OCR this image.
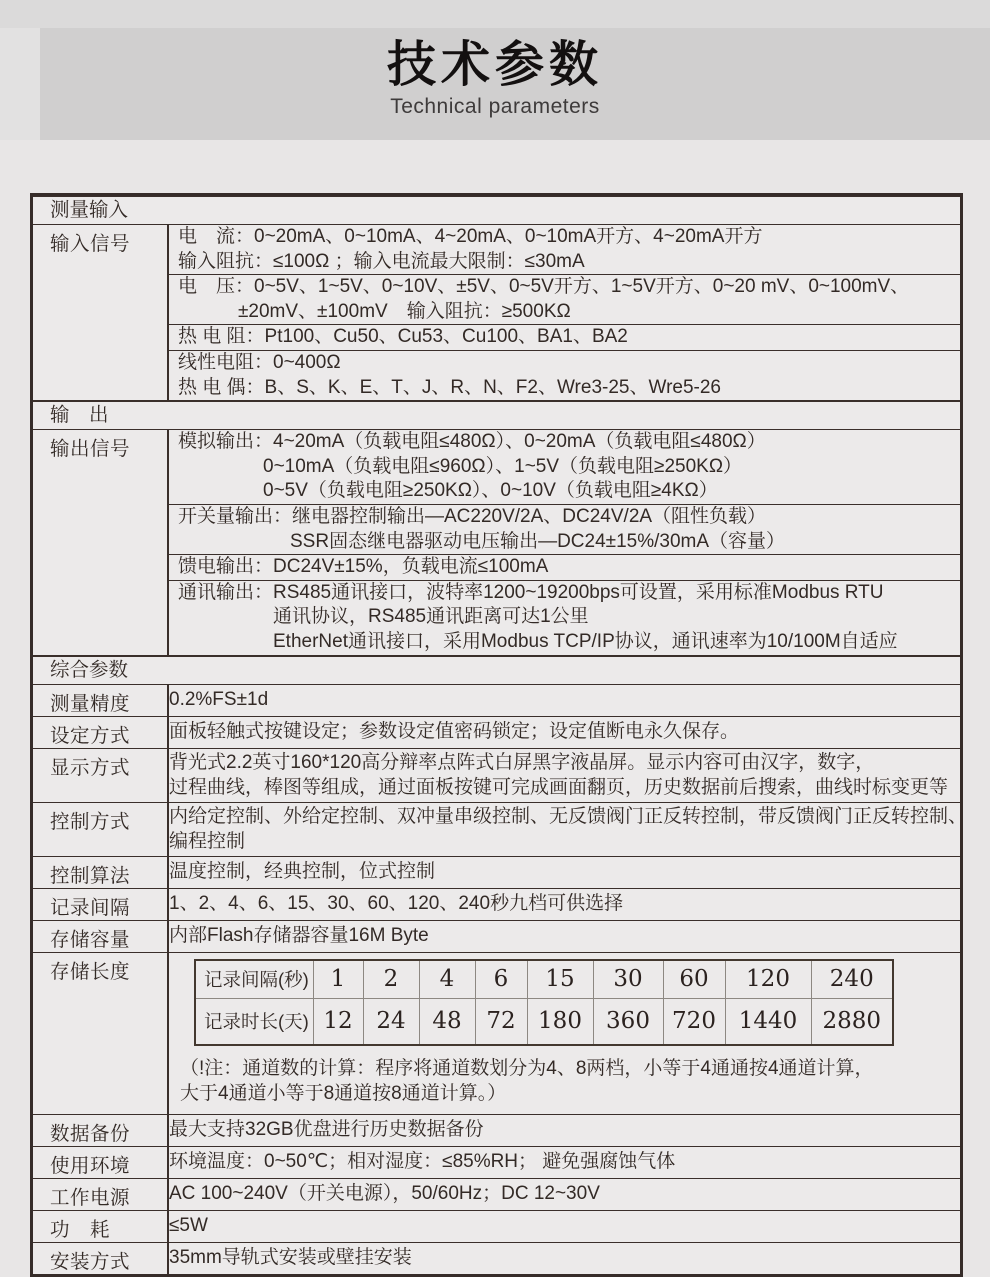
技术参数
Technical parameters
测量输入
输入信号	电　流：0~20mA、0~10mA、4~20mA、0~10mA开方、4~20mA开方
输入阻抗：≤100Ω ；输入电流最大限制：≤30mA
电　压：0~5V、1~5V、0~10V、±5V、0~5V开方、1~5V开方、0~20 mV、0~100mV、
±20mV、±100mV　输入阻抗：≥500KΩ
热 电 阻：Pt100、Cu50、Cu53、Cu100、BA1、BA2
线性电阻：0~400Ω
热 电 偶：B、S、K、E、T、J、R、N、F2、Wre3-25、Wre5-26
输　出
输出信号	模拟输出：4~20mA（负载电阻≤480Ω）、0~20mA（负载电阻≤480Ω）
0~10mA（负载电阻≤960Ω）、1~5V（负载电阻≥250KΩ）
0~5V（负载电阻≥250KΩ）、0~10V（负载电阻≥4KΩ）
开关量输出：继电器控制输出—AC220V/2A、DC24V/2A（阻性负载）
SSR固态继电器驱动电压输出—DC24±15%/30mA（容量）
馈电输出：DC24V±15%，负载电流≤100mA
通讯输出：RS485通讯接口，波特率1200~19200bps可设置，采用标准Modbus RTU
通讯协议，RS485通讯距离可达1公里
EtherNet通讯接口，采用Modbus TCP/IP协议，通讯速率为10/100M自适应
综合参数
测量精度	0.2%FS±1d
设定方式	面板轻触式按键设定；参数设定值密码锁定；设定值断电永久保存。
显示方式	背光式2.2英寸160*120高分辩率点阵式白屏黑字液晶屏。显示内容可由汉字，数字，
过程曲线，棒图等组成，通过面板按键可完成画面翻页，历史数据前后搜索，曲线时标变更等
控制方式	内给定控制、外给定控制、双冲量串级控制、无反馈阀门正反转控制，带反馈阀门正反转控制、
编程控制
控制算法	温度控制，经典控制，位式控制
记录间隔	1、2、4、6、15、30、60、120、240秒九档可供选择
存储容量	内部Flash存储器容量16M Byte
存储长度	记录间隔(秒)	1	2	4	6	15	30	60	120	240
记录时长(天)	12	24	48	72	180	360	720	1440	2880
（!注：通道数的计算：程序将通道数划分为4、8两档，小等于4通通按4通道计算，
大于4通道小等于8通道按8通道计算。）
数据备份	最大支持32GB优盘进行历史数据备份
使用环境	环境温度：0~50℃；相对湿度：≤85%RH； 避免强腐蚀气体
工作电源	AC 100~240V（开关电源），50/60Hz；DC 12~30V
功　耗	≤5W
安装方式	35mm导轨式安装或壁挂安装
